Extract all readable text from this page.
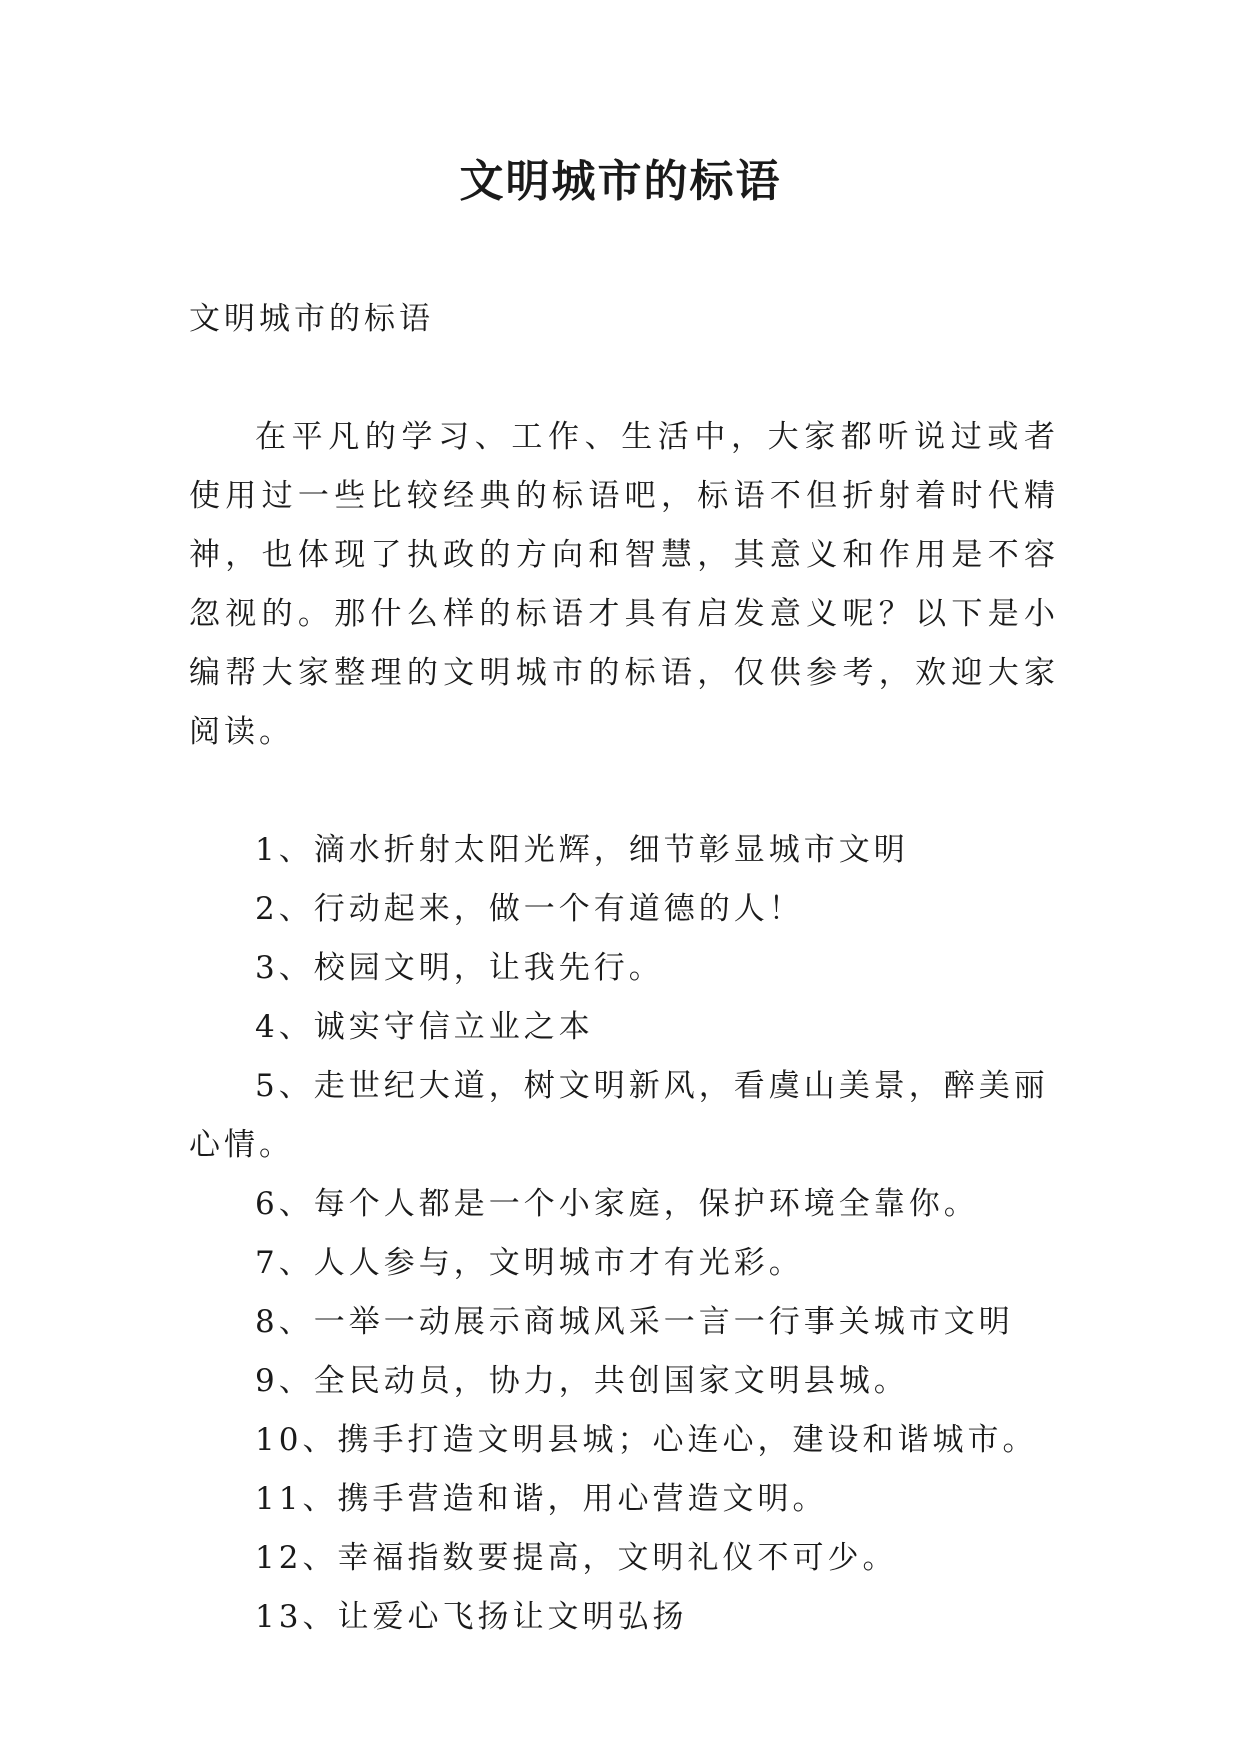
文明城市的标语

文明城市的标语

在平凡的学习、工作、生活中，大家都听说过或者使用过一些比较经典的标语吧，标语不但折射着时代精神，也体现了执政的方向和智慧，其意义和作用是不容忽视的。那什么样的标语才具有启发意义呢？以下是小编帮大家整理的文明城市的标语，仅供参考，欢迎大家阅读。

1、滴水折射太阳光辉，细节彰显城市文明
2、行动起来，做一个有道德的人！
3、校园文明，让我先行。
4、诚实守信立业之本
5、走世纪大道，树文明新风，看虞山美景，醉美丽心情。
6、每个人都是一个小家庭，保护环境全靠你。
7、人人参与，文明城市才有光彩。
8、一举一动展示商城风采一言一行事关城市文明
9、全民动员，协力，共创国家文明县城。
10、携手打造文明县城；心连心，建设和谐城市。
11、携手营造和谐，用心营造文明。
12、幸福指数要提高，文明礼仪不可少。
13、让爱心飞扬让文明弘扬
